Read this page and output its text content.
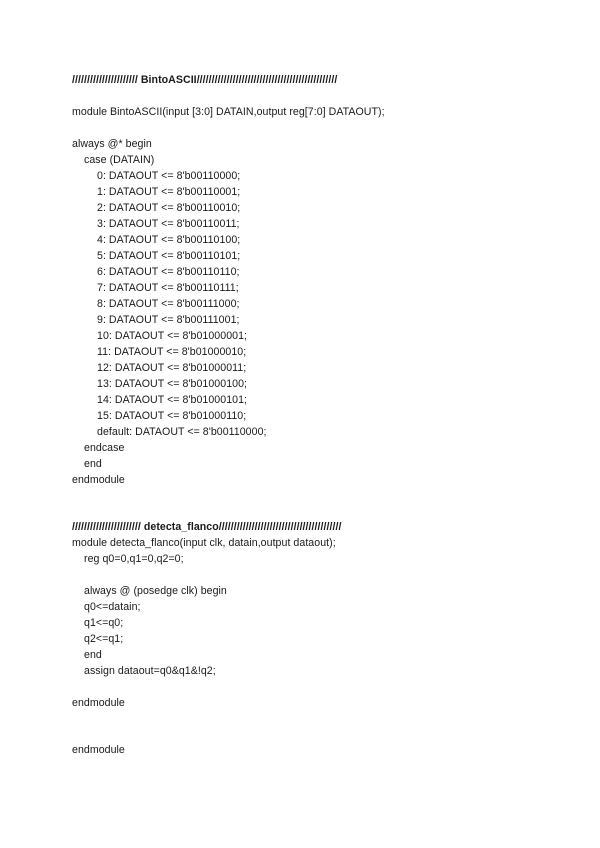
////////////////////// BintoASCII///////////////////////////////////////////////
module BintoASCII(input [3:0] DATAIN,output reg[7:0] DATAOUT);
always @* begin
case (DATAIN)
0: DATAOUT <= 8'b00110000;
1: DATAOUT <= 8'b00110001;
2: DATAOUT <= 8'b00110010;
3: DATAOUT <= 8'b00110011;
4: DATAOUT <= 8'b00110100;
5: DATAOUT <= 8'b00110101;
6: DATAOUT <= 8'b00110110;
7: DATAOUT <= 8'b00110111;
8: DATAOUT <= 8'b00111000;
9: DATAOUT <= 8'b00111001;
10: DATAOUT <= 8'b01000001;
11: DATAOUT <= 8'b01000010;
12: DATAOUT <= 8'b01000011;
13: DATAOUT <= 8'b01000100;
14: DATAOUT <= 8'b01000101;
15: DATAOUT <= 8'b01000110;
default: DATAOUT <= 8'b00110000;
endcase
end
endmodule
/////////////////////// detecta_flanco/////////////////////////////////////////
module detecta_flanco(input clk, datain,output dataout);
reg q0=0,q1=0,q2=0;
always @ (posedge clk) begin
q0<=datain;
q1<=q0;
q2<=q1;
end
assign dataout=q0&q1&!q2;
endmodule
endmodule
